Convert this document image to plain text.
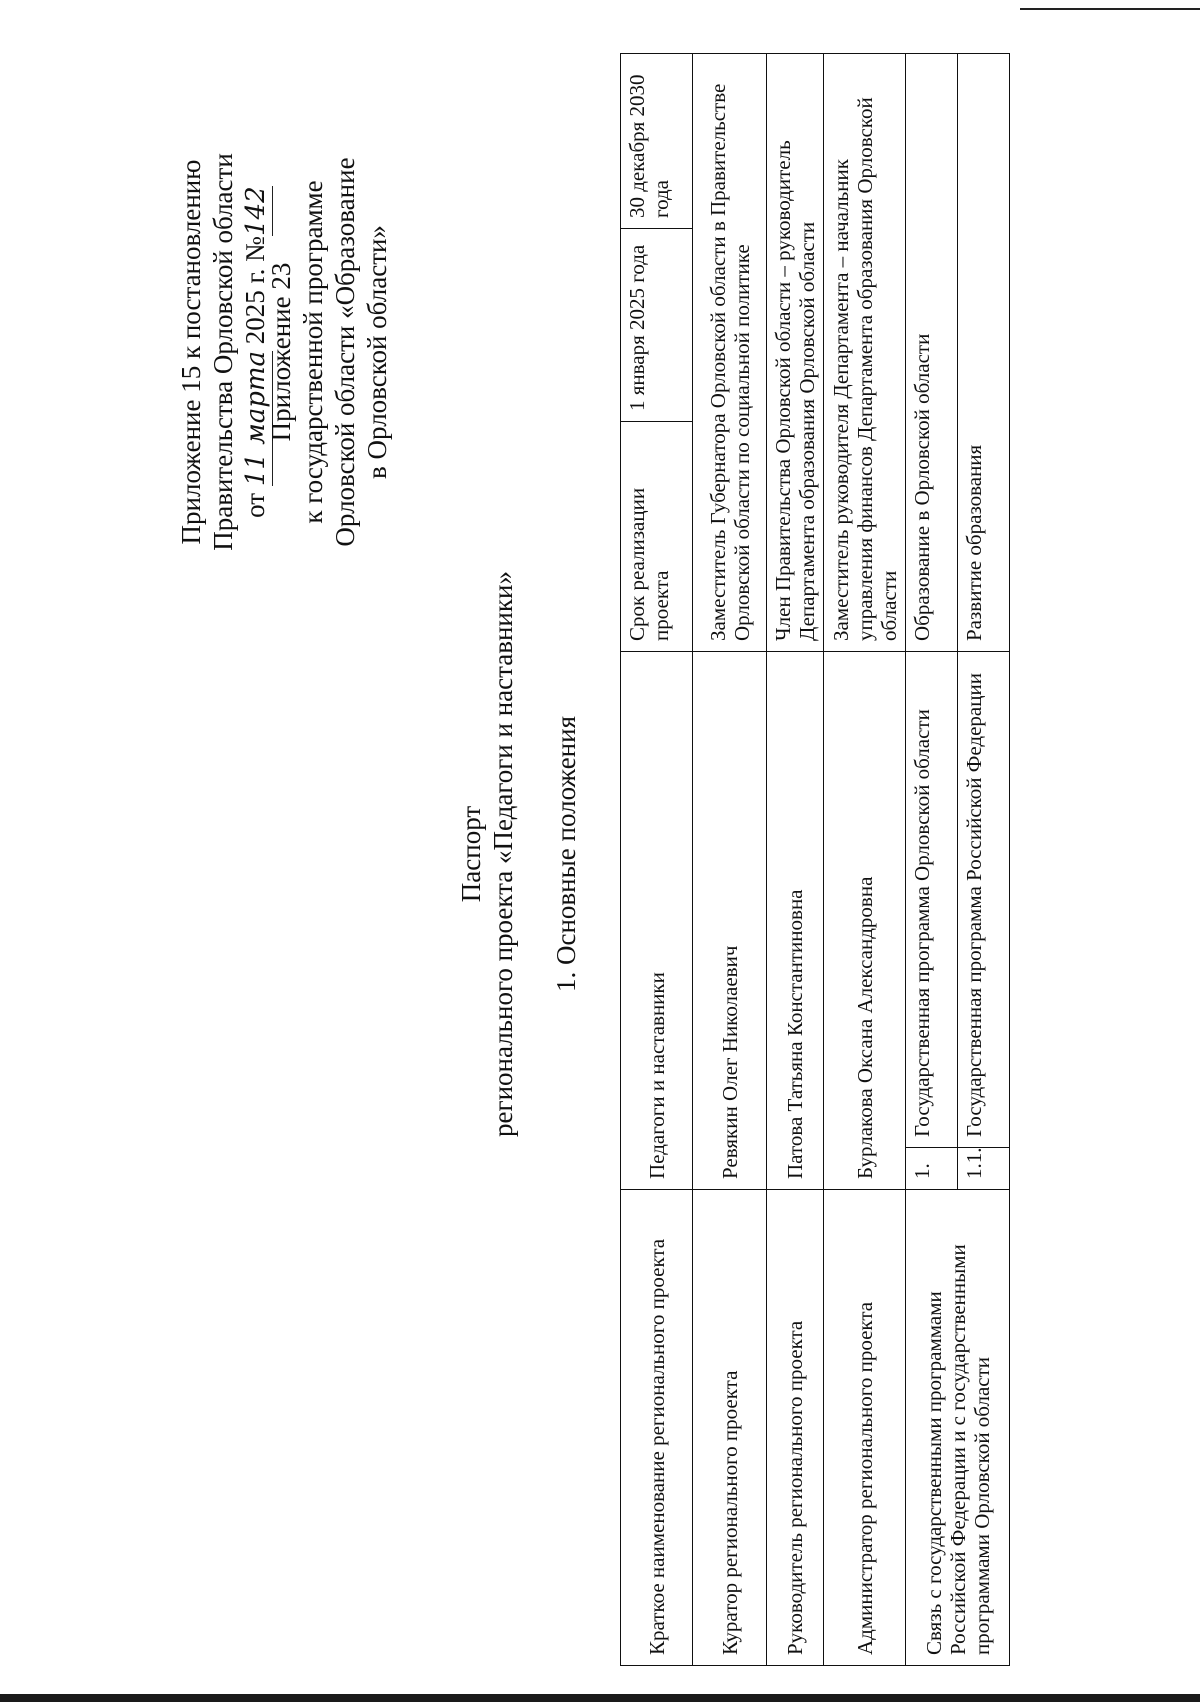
Приложение 15 к постановлению Правительства Орловской области от 11 марта 2025 г. №142
Приложение 23 к государственной программе Орловской области «Образование в Орловской области»
Паспорт регионального проекта «Педагоги и наставники» 1. Основные положения
Краткое наименование регионального проекта	Педагоги и наставники		Срок реализации проекта	1 января 2025 года	30 декабря 2030 года
Куратор регионального проекта	Ревякин Олег Николаевич		Заместитель Губернатора Орловской области в Правительстве Орловской области по социальной политике		
Руководитель регионального проекта	Патова Татьяна Константиновна		Член Правительства Орловской области – руководитель Департамента образования Орловской области		
Администратор регионального проекта	Бурлакова Оксана Александровна		Заместитель руководителя Департамента – начальник управления финансов Департамента образования Орловской области		
Связь с государственными программами Российской Федерации и с государственными программами Орловской области	1.	Государственная программа Орловской области	Образование в Орловской области		
	1.1.	Государственная программа Российской Федерации	Развитие образования		
